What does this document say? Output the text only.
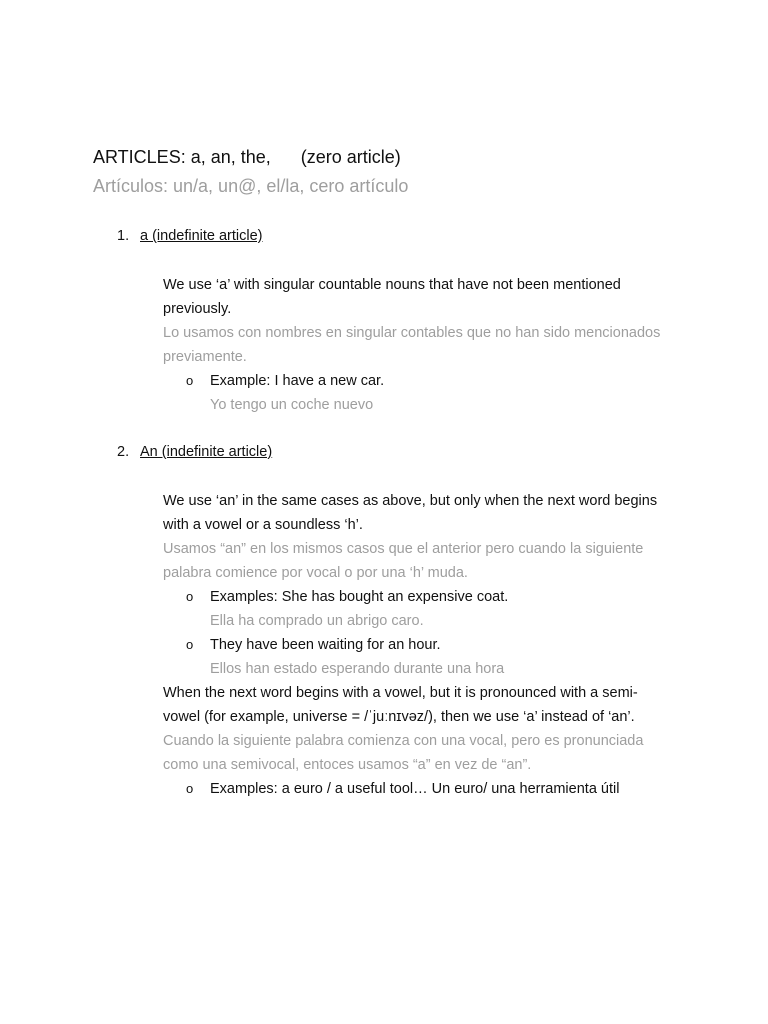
ARTICLES: a, an, the,      (zero article)
Artículos: un/a, un@, el/la, cero artículo
1. a (indefinite article)
We use ‘a’ with singular countable nouns that have not been mentioned
previously.
Lo usamos con nombres en singular contables que no han sido mencionados
previamente.
o Example: I have a new car.
Yo tengo un coche nuevo
2. An (indefinite article)
We use ‘an’ in the same cases as above, but only when the next word begins
with a vowel or a soundless ‘h’.
Usamos “an” en los mismos casos que el anterior pero cuando la siguiente
palabra comience por vocal o por una ‘h’ muda.
o Examples: She has bought an expensive coat.
Ella ha comprado un abrigo caro.
o They have been waiting for an hour.
Ellos han estado esperando durante una hora
When the next word begins with a vowel, but it is pronounced with a semi-
vowel (for example, universe = /ˈjuːnɪvəz/), then we use ‘a’ instead of ‘an’.
Cuando la siguiente palabra comienza con una vocal, pero es pronunciada
como una semivocal, entoces usamos “a” en vez de “an”.
o Examples: a euro / a useful tool… Un euro/ una herramienta útil
